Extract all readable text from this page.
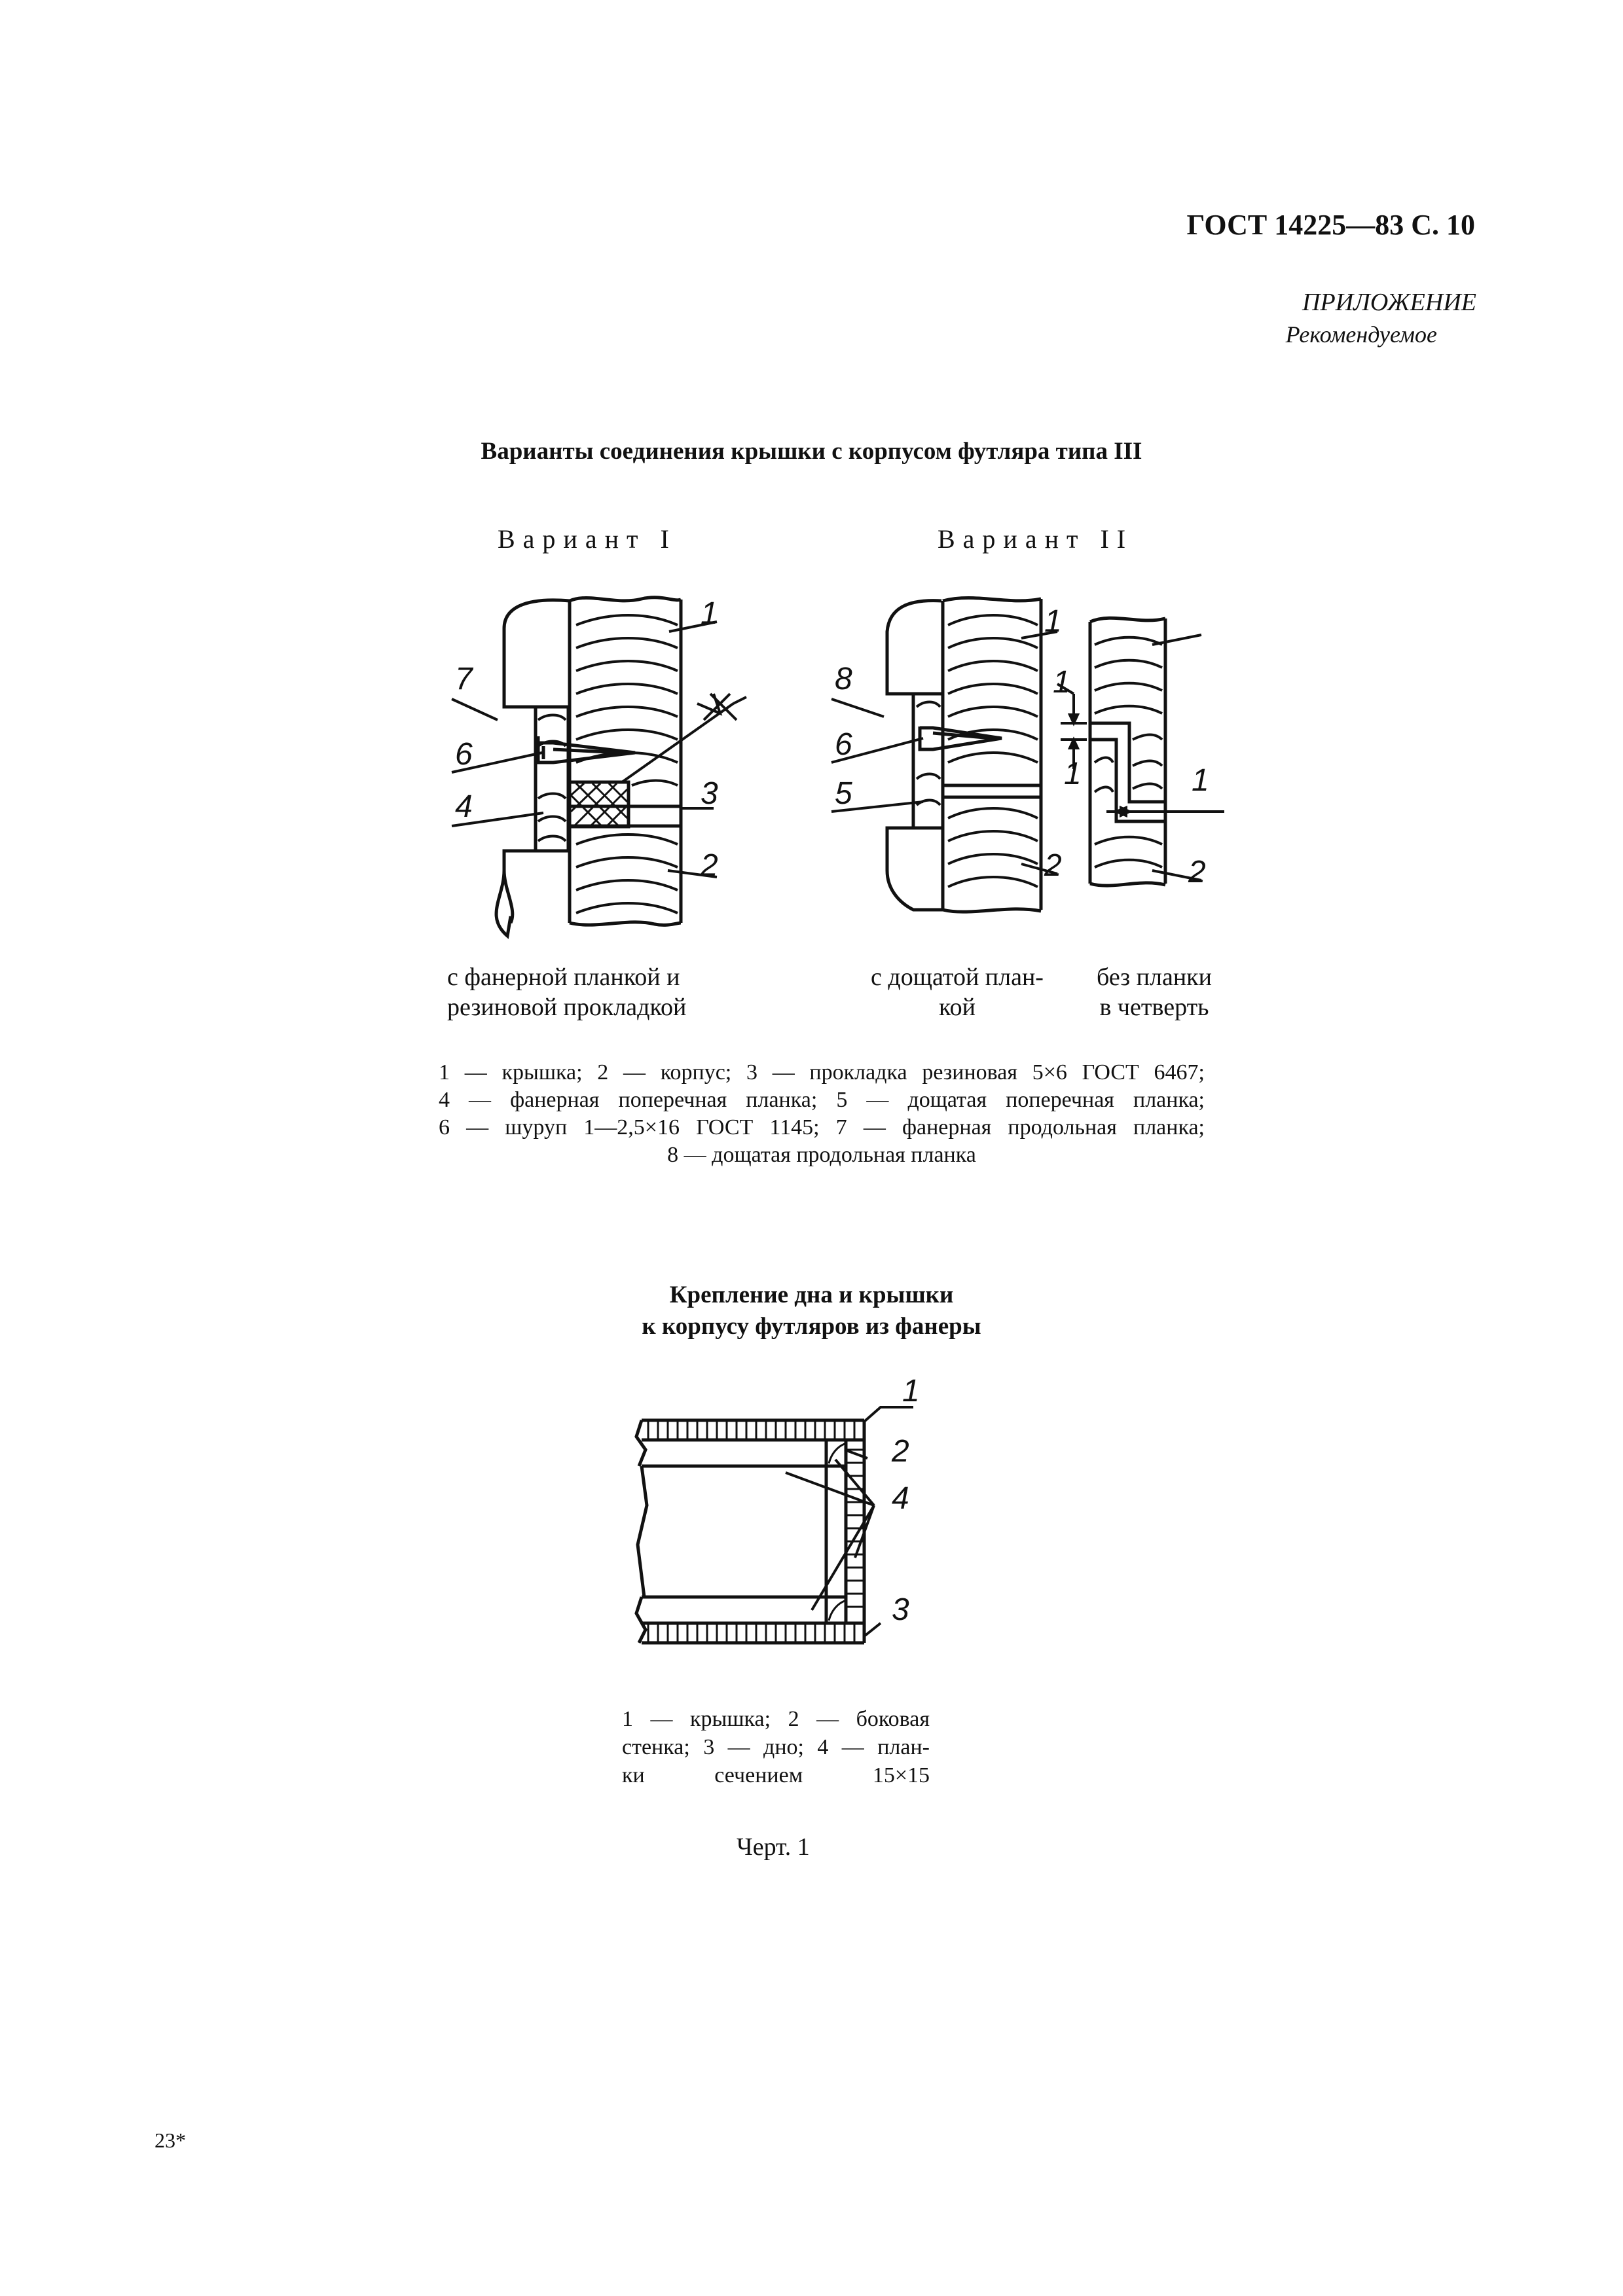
ГОСТ 14225—83 С. 10
ПРИЛОЖЕНИЕ
Рекомендуемое
Варианты соединения крышки с корпусом футляра типа III
Вариант I	Вариант II
1
7
6
4	3
2
1
8
6
5
2
1
1	1
2
с фанерной планкой и
резиновой прокладкой
с дощатой план-
кой
без планки
в четверть
1 — крышка; 2 — корпус; 3 — прокладка резиновая 5×6 ГОСТ 6467;
4 — фанерная поперечная планка; 5 — дощатая поперечная планка;
6 — шуруп 1—2,5×16 ГОСТ 1145; 7 — фанерная продольная планка;
8 — дощатая продольная планка
Крепление дна и крышки
к корпусу футляров из фанеры
1
2
4
3
1 — крышка; 2 — боковая
стенка; 3 — дно; 4 — план-
ки сечением 15×15
Черт. 1
23*
